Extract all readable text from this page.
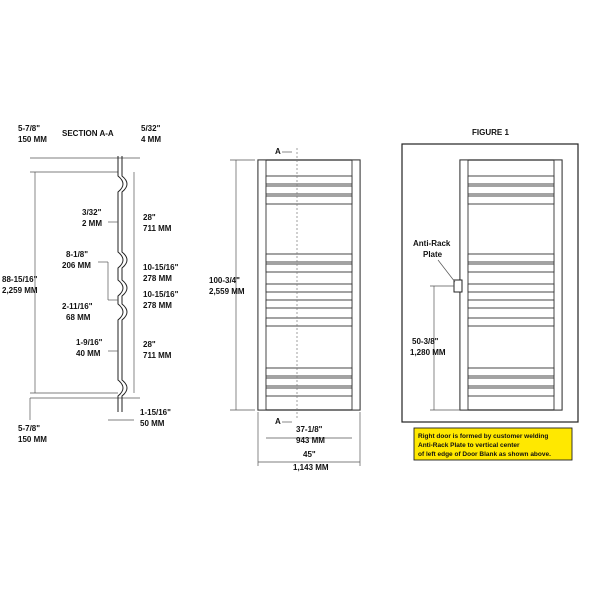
SECTION A-A
5-7/8"
150 MM
5/32"
4 MM
88-15/16"
2,259 MM
3/32"
2 MM
28"
711 MM
10-15/16"
278 MM
10-15/16"
278 MM
28"
711 MM
8-1/8"
206 MM
2-11/16"
68 MM
1-9/16"
40 MM
5-7/8"
150 MM
1-15/16"
50 MM
A
A
100-3/4"
2,559 MM
37-1/8"
943 MM
45"
1,143 MM
FIGURE 1
Anti-Rack
Plate
50-3/8"
1,280 MM
Right door is formed by customer welding
Anti-Rack Plate to vertical center
of left edge of Door Blank as shown above.
